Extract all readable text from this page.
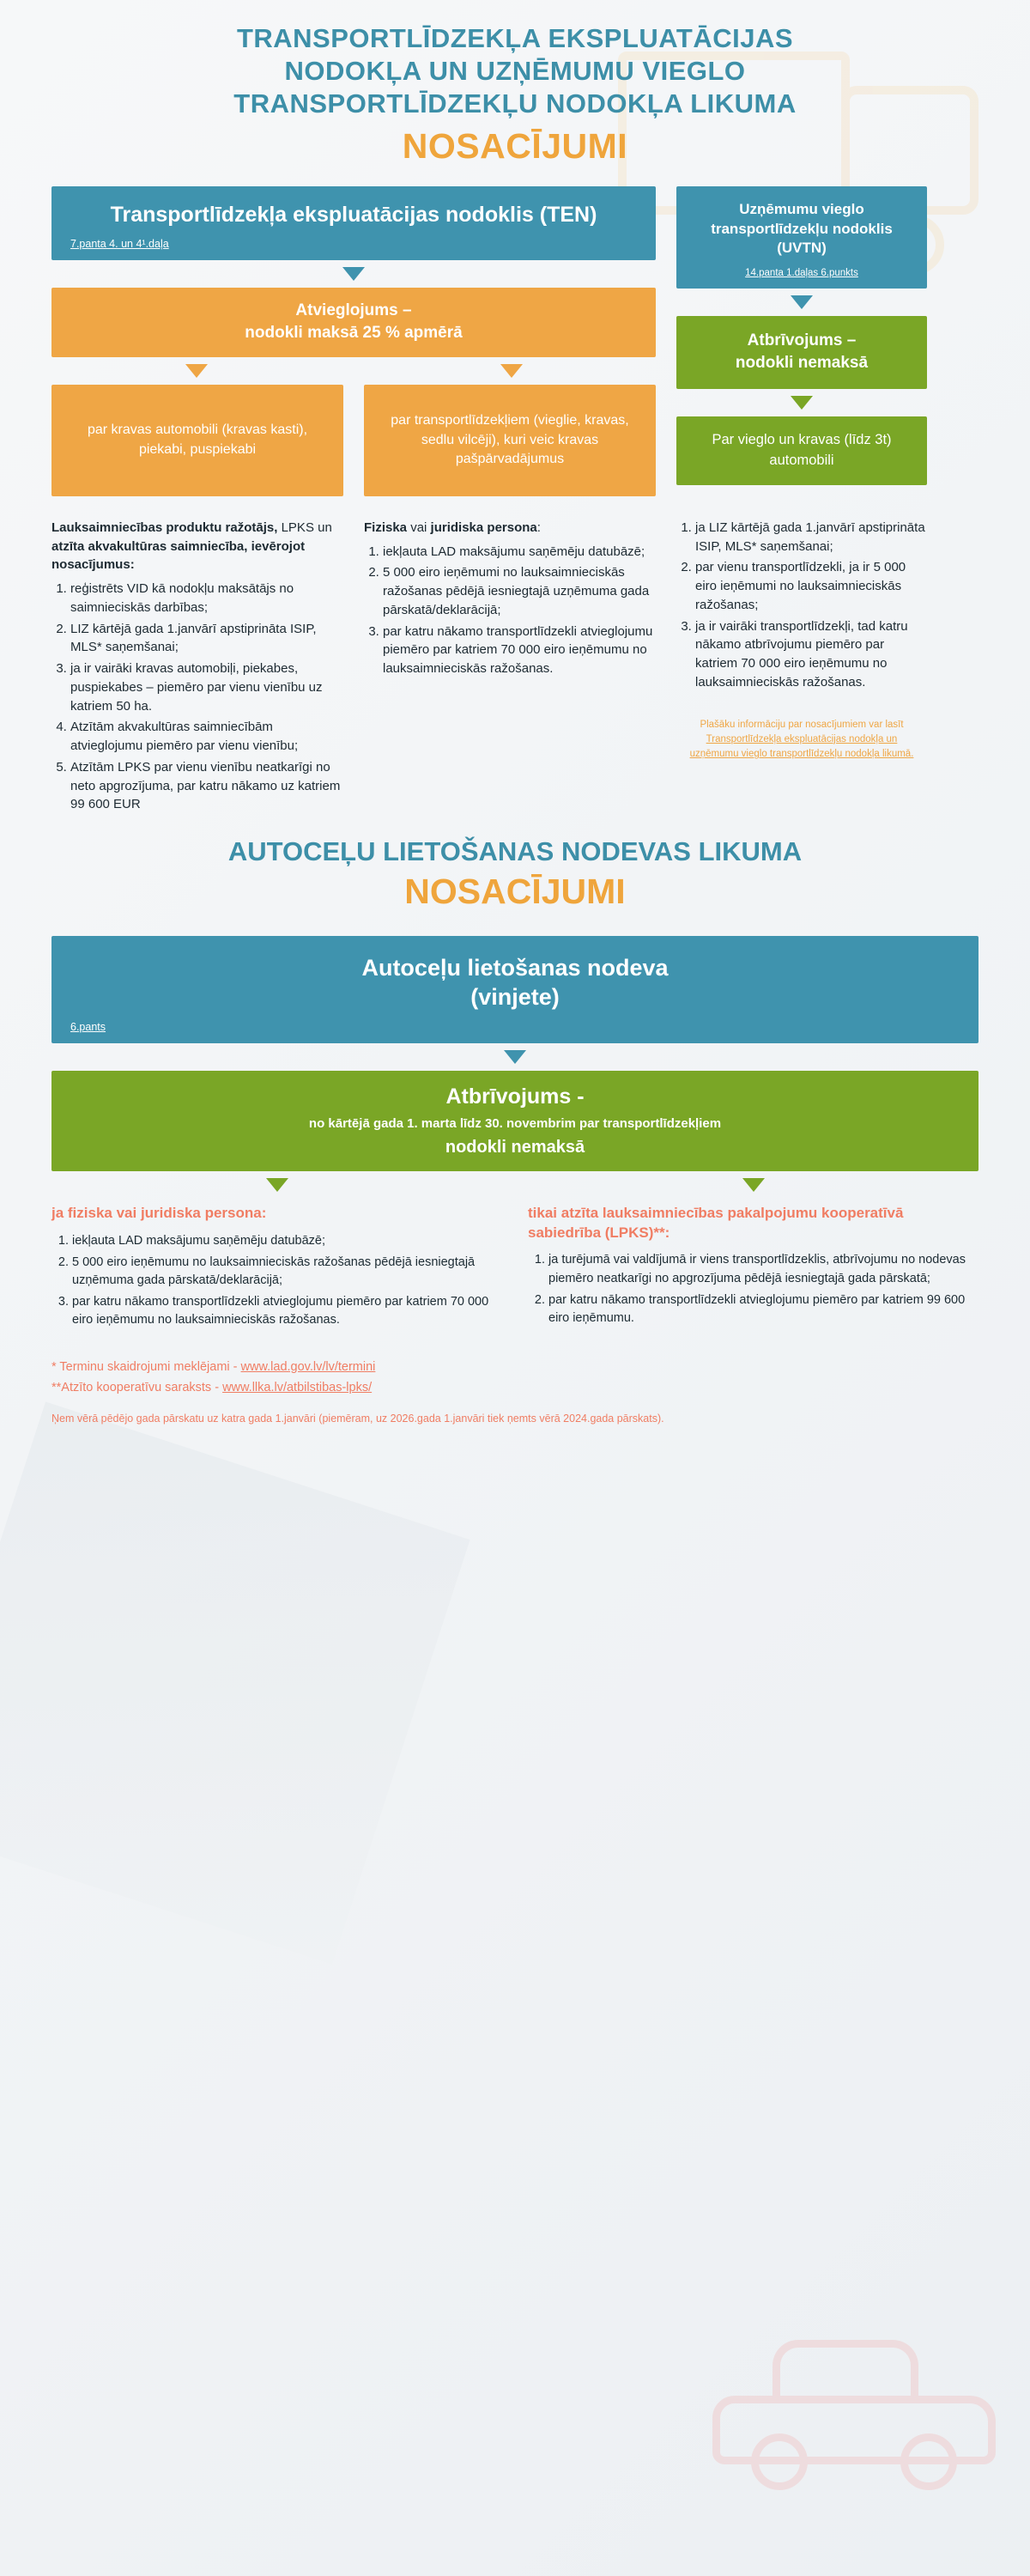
TRANSPORTLĪDZEKĻA EKSPLUATĀCIJAS
NODOKĻA UN UZŅĒMUMU VIEGLO
TRANSPORTLĪDZEKĻU NODOKĻA LIKUMA
NOSACĪJUMI
Transportlīdzekļa ekspluatācijas nodoklis (TEN)
7.panta 4. un 4¹.daļa
Atvieglojums –
nodokli maksā 25 % apmērā
par kravas automobili (kravas kasti), piekabi, puspiekabi
par transportlīdzekļiem (vieglie, kravas, sedlu vilcēji), kuri veic kravas pašpārvadājumus
Uzņēmumu vieglo transportlīdzekļu nodoklis (UVTN)
14.panta 1.daļas 6.punkts
Atbrīvojums –
nodokli nemaksā
Par vieglo un kravas (līdz 3t) automobili
Lauksaimniecības produktu ražotājs, LPKS un atzīta akvakultūras saimniecība, ievērojot nosacījumus:
1. reģistrēts VID kā nodokļu maksātājs no saimnieciskās darbības;
2. LIZ kārtējā gada 1.janvārī apstiprināta ISIP, MLS* saņemšanai;
3. ja ir vairāki kravas automobiļi, piekabes, puspiekabes – piemēro par vienu vienību uz katriem 50 ha.
4. Atzītām akvakultūras saimniecībām atvieglojumu piemēro par vienu vienību;
5. Atzītām LPKS par vienu vienību neatkarīgi no neto apgrozījuma, par katru nākamo uz katriem 99 600 EUR
Fiziska vai juridiska persona:
1. iekļauta LAD maksājumu saņēmēju datubāzē;
2. 5 000 eiro ieņēmumi no lauksaimnieciskās ražošanas pēdējā iesniegtajā uzņēmuma gada pārskatā/deklarācijā;
3. par katru nākamo transportlīdzekli atvieglojumu piemēro par katriem 70 000 eiro ieņēmumu no lauksaimnieciskās ražošanas.
1. ja LIZ kārtējā gada 1.janvārī apstiprināta ISIP, MLS* saņemšanai;
2. par vienu transportlīdzekli, ja ir 5 000 eiro ieņēmumi no lauksaimnieciskās ražošanas;
3. ja ir vairāki transportlīdzekļi, tad katru nākamo atbrīvojumu piemēro par katriem 70 000 eiro ieņēmumu no lauksaimnieciskās ražošanas.
Plašāku informāciju par nosacījumiem var lasīt
Transportlīdzekļa ekspluatācijas nodokļa un
uzņēmumu vieglo transportlīdzekļu nodokļa likumā.
AUTOCEĻU LIETOŠANAS NODEVAS LIKUMA
NOSACĪJUMI
Autoceļu lietošanas nodeva
(vinjete)
6.pants
Atbrīvojums -
no kārtējā gada 1. marta līdz 30. novembrim par transportlīdzekļiem
nodokli nemaksā
ja fiziska vai juridiska persona:
1. iekļauta LAD maksājumu saņēmēju datubāzē;
2. 5 000 eiro ieņēmumu no lauksaimnieciskās ražošanas pēdējā iesniegtajā uzņēmuma gada pārskatā/deklarācijā;
3. par katru nākamo transportlīdzekli atvieglojumu piemēro par katriem 70 000 eiro ieņēmumu no lauksaimnieciskās ražošanas.
tikai atzīta lauksaimniecības pakalpojumu kooperatīvā sabiedrība (LPKS)**:
1. ja turējumā vai valdījumā ir viens transportlīdzeklis, atbrīvojumu no nodevas piemēro neatkarīgi no apgrozījuma pēdējā iesniegtajā gada pārskatā;
2. par katru nākamo transportlīdzekli atvieglojumu piemēro par katriem 99 600 eiro ieņēmumu.
* Terminu skaidrojumi meklējami - www.lad.gov.lv/lv/termini
**Atzīto kooperatīvu saraksts - www.llka.lv/atbilstibas-lpks/
Ņem vērā pēdējo gada pārskatu uz katra gada 1.janvāri (piemēram, uz 2026.gada 1.janvāri tiek ņemts vērā 2024.gada pārskats).
